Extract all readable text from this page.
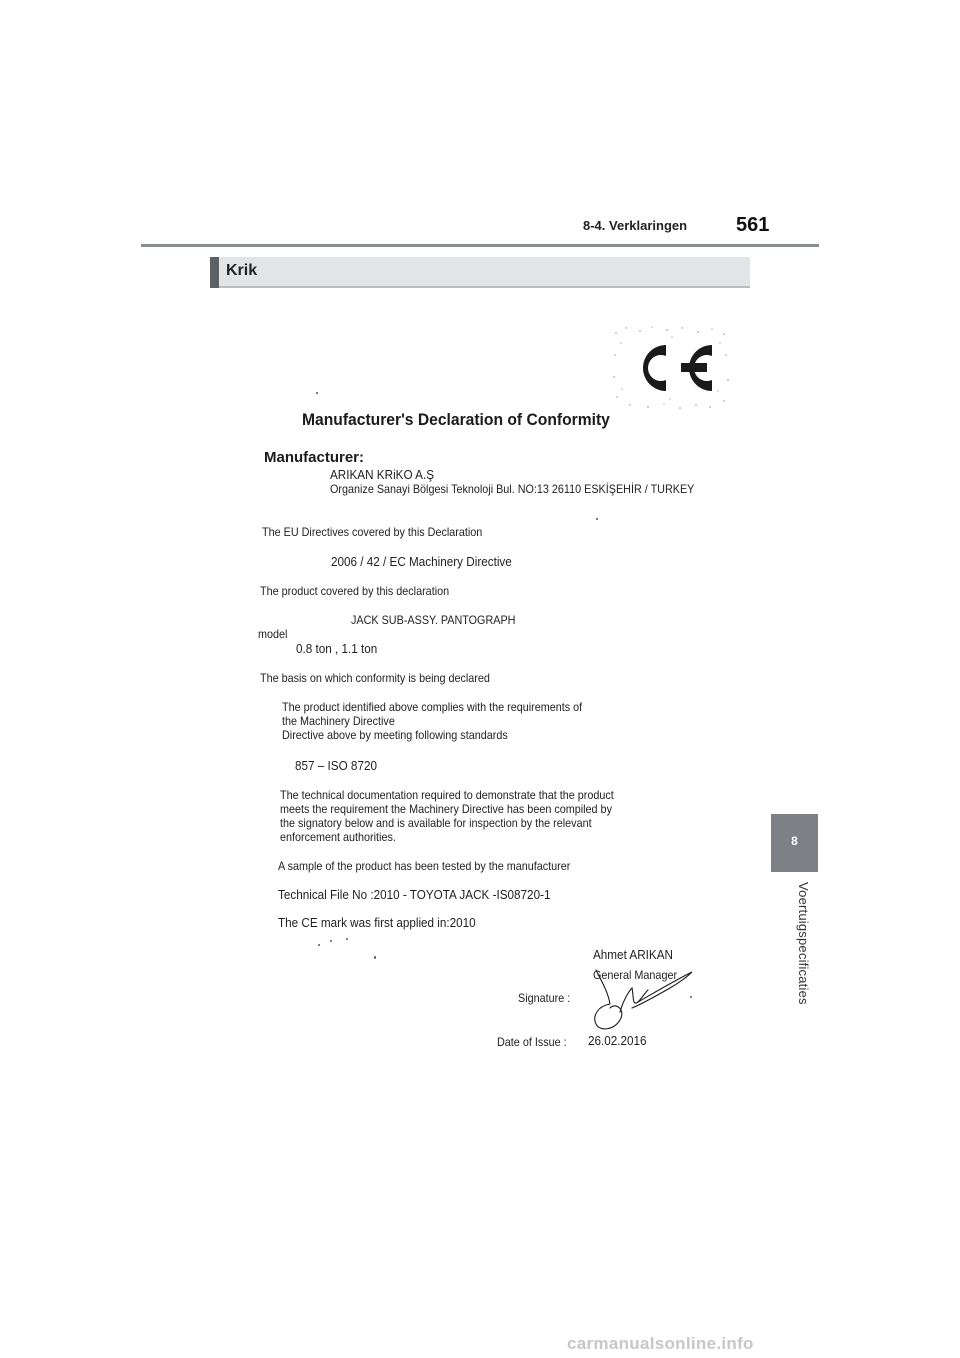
8-4. Verklaringen 561
Krik
8
Voertuigspecificaties
Manufacturer's Declaration of Conformity
Manufacturer:
ARIKAN KRiKO A.Ş
Organize Sanayi Bölgesi Teknoloji Bul. NO:13 26110 ESKİŞEHİR / TURKEY
The EU Directives covered by this Declaration
2006 / 42 / EC Machinery Directive
The product covered by this declaration
JACK SUB-ASSY. PANTOGRAPH
model
0.8 ton , 1.1 ton
The basis on which conformity is being declared
The product identified above complies with the requirements of
the Machinery Directive
Directive above by meeting following standards
857 – ISO 8720
The technical documentation required to demonstrate that the product
meets the requirement the Machinery Directive has been compiled by
the signatory below and is available for inspection by the relevant
enforcement authorities.
A sample of the product has been tested by the manufacturer
Technical File No :2010 - TOYOTA JACK -IS08720-1
The CE mark was first applied in:2010
Ahmet ARIKAN
General Manager
Signature :
Date of Issue : 26.02.2016
carmanualsonline.info
